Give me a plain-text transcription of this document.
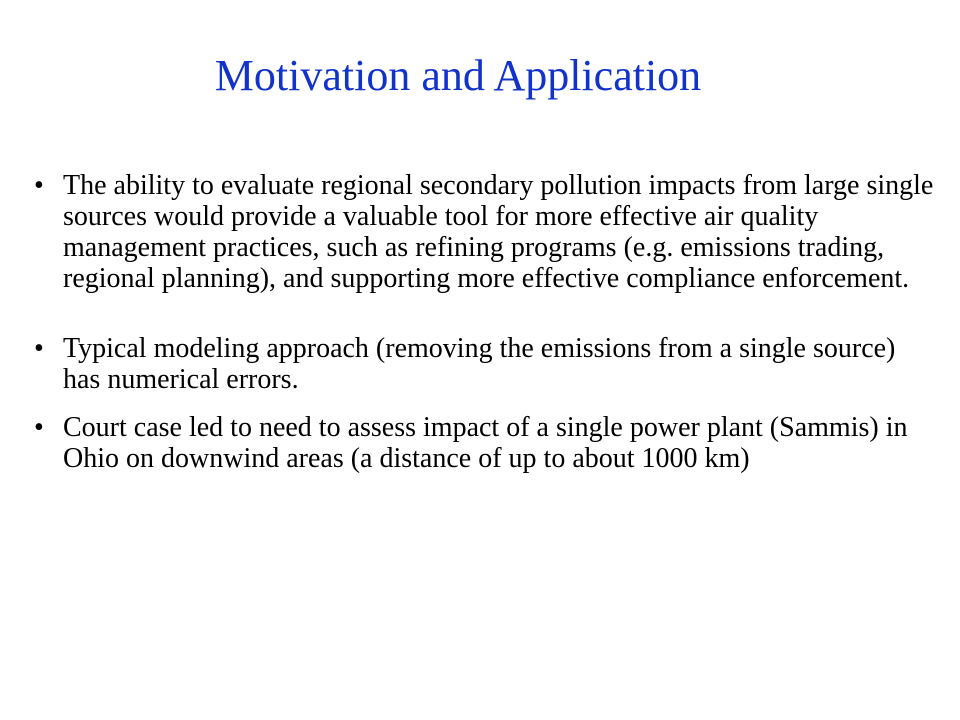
Motivation and Application
• The ability to evaluate regional secondary pollution impacts from large single sources would provide a valuable tool for more effective air quality management practices, such as refining programs (e.g. emissions trading, regional planning), and supporting more effective compliance enforcement.
• Typical modeling approach (removing the emissions from a single source) has numerical errors.
• Court case led to need to assess impact of a single power plant (Sammis) in Ohio on downwind areas (a distance of up to about 1000 km)
